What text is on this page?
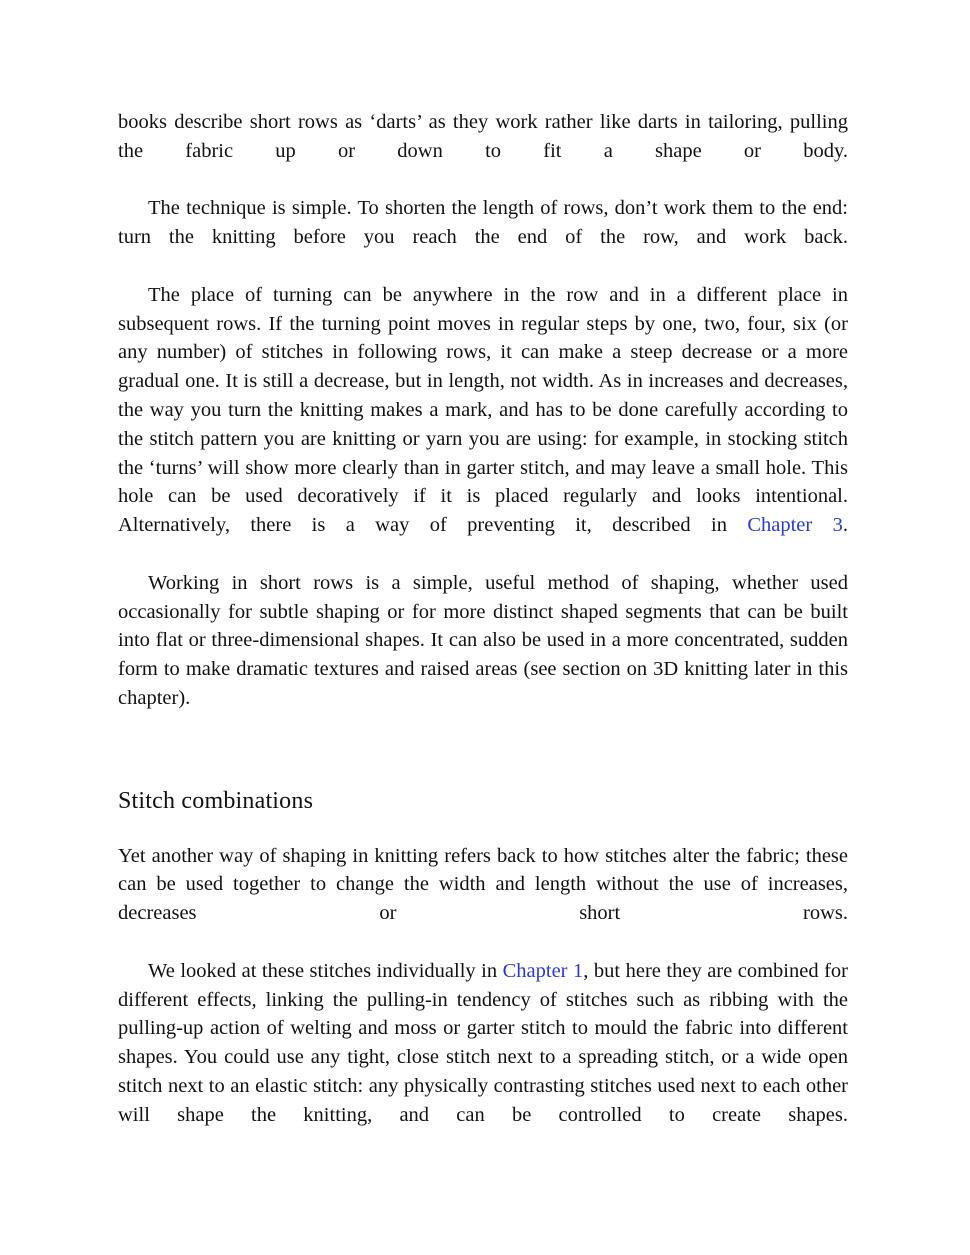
books describe short rows as ‘darts’ as they work rather like darts in tailoring, pulling the fabric up or down to fit a shape or body.

The technique is simple. To shorten the length of rows, don’t work them to the end: turn the knitting before you reach the end of the row, and work back.

The place of turning can be anywhere in the row and in a different place in subsequent rows. If the turning point moves in regular steps by one, two, four, six (or any number) of stitches in following rows, it can make a steep decrease or a more gradual one. It is still a decrease, but in length, not width. As in increases and decreases, the way you turn the knitting makes a mark, and has to be done carefully according to the stitch pattern you are knitting or yarn you are using: for example, in stocking stitch the ‘turns’ will show more clearly than in garter stitch, and may leave a small hole. This hole can be used decoratively if it is placed regularly and looks intentional. Alternatively, there is a way of preventing it, described in Chapter 3.

Working in short rows is a simple, useful method of shaping, whether used occasionally for subtle shaping or for more distinct shaped segments that can be built into flat or three-dimensional shapes. It can also be used in a more concentrated, sudden form to make dramatic textures and raised areas (see section on 3D knitting later in this chapter).

Stitch combinations

Yet another way of shaping in knitting refers back to how stitches alter the fabric; these can be used together to change the width and length without the use of increases, decreases or short rows.

We looked at these stitches individually in Chapter 1, but here they are combined for different effects, linking the pulling-in tendency of stitches such as ribbing with the pulling-up action of welting and moss or garter stitch to mould the fabric into different shapes. You could use any tight, close stitch next to a spreading stitch, or a wide open stitch next to an elastic stitch: any physically contrasting stitches used next to each other will shape the knitting, and can be controlled to create shapes.
